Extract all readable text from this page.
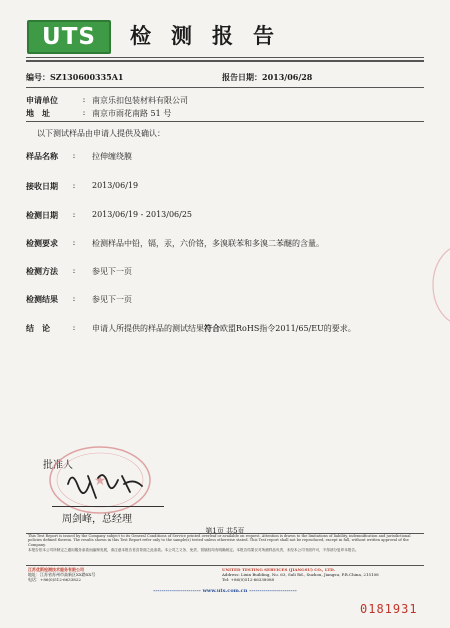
UTS 检测报告
编号：SZ130600335A1	报告日期：2013/06/28
申请单位	: 南京乐扣包装材料有限公司
地　址	: 南京市雨花南路 51 号
以下测试样品由申请人提供及确认：
样品名称	:	拉伸缠绕膜
接收日期	:	2013/06/19
检测日期	:	2013/06/19 - 2013/06/25
检测要求	:	检测样品中铅，镉，汞，六价铬，多溴联苯和多溴二苯醚的含量。
检测方法	:	参见下一页
检测结果	:	参见下一页
结　论	:	申请人所提供的样品的测试结果符合欧盟RoHS指令2011/65/EU的要求。
批准人
★
周剑峰，总经理
第1页 共5页

This Test Report is issued by the Company subject to its General Conditions of Service printed overleaf or available on request. Attention is drawn to the limitations of liability, indemnification and jurisdictional policies defined therein. The results shown in this Test Report refer only to the sample(s) tested unless otherwise stated. This Test report shall not be reproduced, except in full, without written approval of the Company.

本报告依本公司所制定之通用服务条款而编制发展，请注意本报告首页背面之此条款。本公司之义务、免责、管辖权均有明确规定。本报告结果仅对所测样品负责，未经本公司书面许可，不得部分复印本报告。

江苏优斯检测技术服务有限公司
地址：江苏省苏州市高新区XX路XX号
电话：+86(0)512-6633822
UNITED TESTING SERVICES (JIANGSU) CO., LTD.
Address: Lixin Building, No. 63, Suli Rd., Suzhou, Jiangsu, P.R.China, 215108
Tel: +86(0)512-66338088
----------------------- www.uts.com.cn -----------------------
0181931
